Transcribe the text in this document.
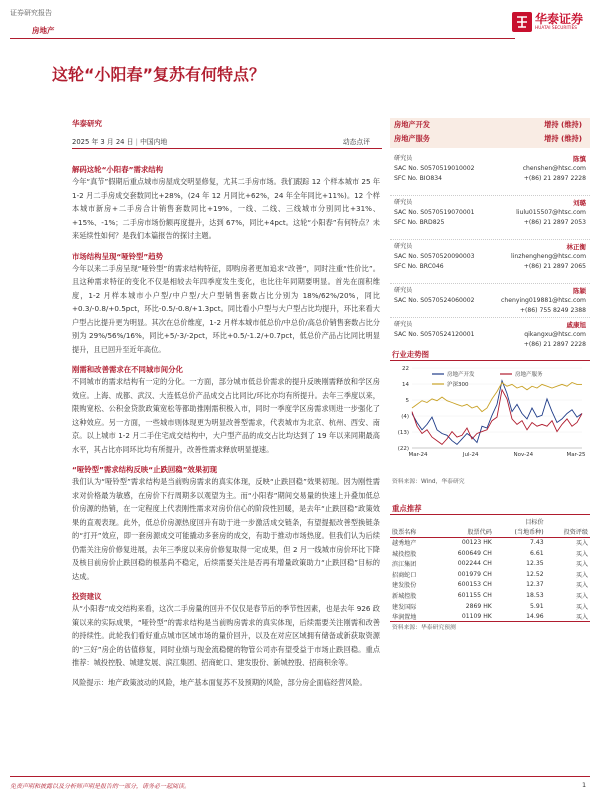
证券研究报告
房地产
华泰证券
HUATAI SECURITIES
这轮“小阳春”复苏有何特点？
华泰研究
2025 年 3 月 24 日 | 中国内地	动态点评
解码这轮“小阳春”需求结构
今年“真节”假期后重点城市房屋成交明显修复，尤其二手房市场。我们跟踪 12 个样本城市 25 年 1-2 月二手房成交套数同比+28%，(24 年 12 月同比+62%，24 年全年同比+11%)。12 个样本城市新房+二手房合计销售套数同比+19%，一线、二线、三线城市分别同比+31%、+15%、-1%；二手房市场份额再度提升，达到 67%，同比+4pct。这轮“小阳春”有何特点？未来延续性如何？是我们本篇报告的探讨主题。
市场结构呈现“哑铃型”趋势
今年以来二手房呈现“哑铃型”的需求结构特征，即购房者更加追求“改善”，同时注重“性价比”。且这种需求特征的变化不仅是相较去年四季度发生变化，也比往年同期要明显。首先在面积维度，1-2 月样本城市小户型/中户型/大户型销售套数占比分别为 18%/62%/20%，同比+0.3/-0.8/+0.5pct，环比-0.5/-0.8/+1.3pct。同比看小户型与大户型占比均提升，环比来看大户型占比提升更为明显。其次在总价维度，1-2 月样本城市低总价/中总价/高总价销售套数占比分别为 29%/56%/16%，同比+5/-3/-2pct，环比+0.5/-1.2/+0.7pct，低总价产品占比同比明显提升，且已回升至近年高位。
刚需和改善需求在不同城市间分化
不同城市的需求结构有一定的分化。一方面，部分城市低总价需求的提升反映刚需释放和学区房效应。上海、成都、武汉、大连低总价产品成交占比同比/环比亦均有所提升。去年三季度以来，限购宽松、公积金贷款政策宽松等都助推刚需积极入市，同时一季度学区房需求则进一步强化了这种效应。另一方面，一些城市则体现更为明显改善型需求，代表城市为北京、杭州、西安、南京。以上城市 1-2 月二手住宅成交结构中，大户型产品的成交占比均达到了 19 年以来同期最高水平，其占比亦同环比均有所提升，改善性需求释放明显提速。
“哑铃型”需求结构反映“止跌回稳”效果初现
我们认为“哑铃型”需求结构是当前购房需求的真实体现，反映“止跌回稳”效果初现。因为刚性需求对价格最为敏感，在房价下行周期多以观望为主。而“小阳春”期间交易量的快速上升叠加低总价房源的热销，在一定程度上代表刚性需求对房价信心的阶段性回暖，是去年“止跌回稳”政策效果的直观表现。此外，低总价房源热度回升有助于进一步激活成交链条，有望提振改善型换链条的“打开”效应，即一套房源成交可能撬动多套房的成交，有助于推动市场热度。但我们认为后续仍需关注房价修复进展，去年三季度以来房价修复取得一定成果，但 2 月一线城市房价环比下降及核目前房价止跌回稳的根基尚不稳定，后续需要关注是否再有增量政策助力“止跌回稳”目标的达成。
投资建议
从“小阳春”成交结构来看，这次二手房量的回升不仅仅是春节后的季节性因素，也是去年 926 政策以来的实际成果，“哑铃型”的需求结构是当前购房需求的真实体现，后续需要关注刚需和改善的持续性。此轮我们看好重点城市区域市场的量价回升，以及在对应区域拥有储备或新获取资源的“三好”房企的估值修复，同时业绩与现金流稳健的物管公司亦有望受益于市场止跌回稳。重点推荐：城投控股、城建发展、滨江集团、招商蛇口、建发股份、新城控股、招商积余等。
风险提示：地产政策波动的风险，地产基本面复苏不及预期的风险，部分房企面临经营风险。
房地产开发	增持 (维持)
房地产服务	增持 (维持)
研究员	陈慎
SAC No. S0570519010002	chenshen@htsc.com
SFC No. BIO834	+(86) 21 2897 2228
研究员	刘璐
SAC No. S0570519070001	liulu015507@htsc.com
SFC No. BRD825	+(86) 21 2897 2053
研究员	林正衡
SAC No. S0570520090003	linzhengheng@htsc.com
SFC No. BRC046	+(86) 21 2897 2065
研究员	陈颖
SAC No. S0570524060002	chenying019881@htsc.com
+(86) 755 8249 2388
研究员	戚康旭
SAC No. S0570524120001	qikangxu@htsc.com
+(86) 21 2897 2228
行业走势图
22
14
5
(4)
(13)
(22)
Mar-24	Jul-24	Nov-24	Mar-25
房地产开发	房地产服务
沪深300
资料来源：Wind，华泰研究
重点推荐
		目标价	
股票名称	股票代码	(当地币种)	投资评级
越秀地产	00123 HK	7.43	买入
城投控股	600649 CH	6.61	买入
滨江集团	002244 CH	12.35	买入
招商蛇口	001979 CH	12.52	买入
建发股份	600153 CH	12.37	买入
新城控股	601155 CH	18.53	买入
建发国际	2869 HK	5.91	买入
华润置地	01109 HK	14.96	买入
资料来源：华泰研究预测
免责声明和披露以及分析师声明是报告的一部分，请务必一起阅读。	1
